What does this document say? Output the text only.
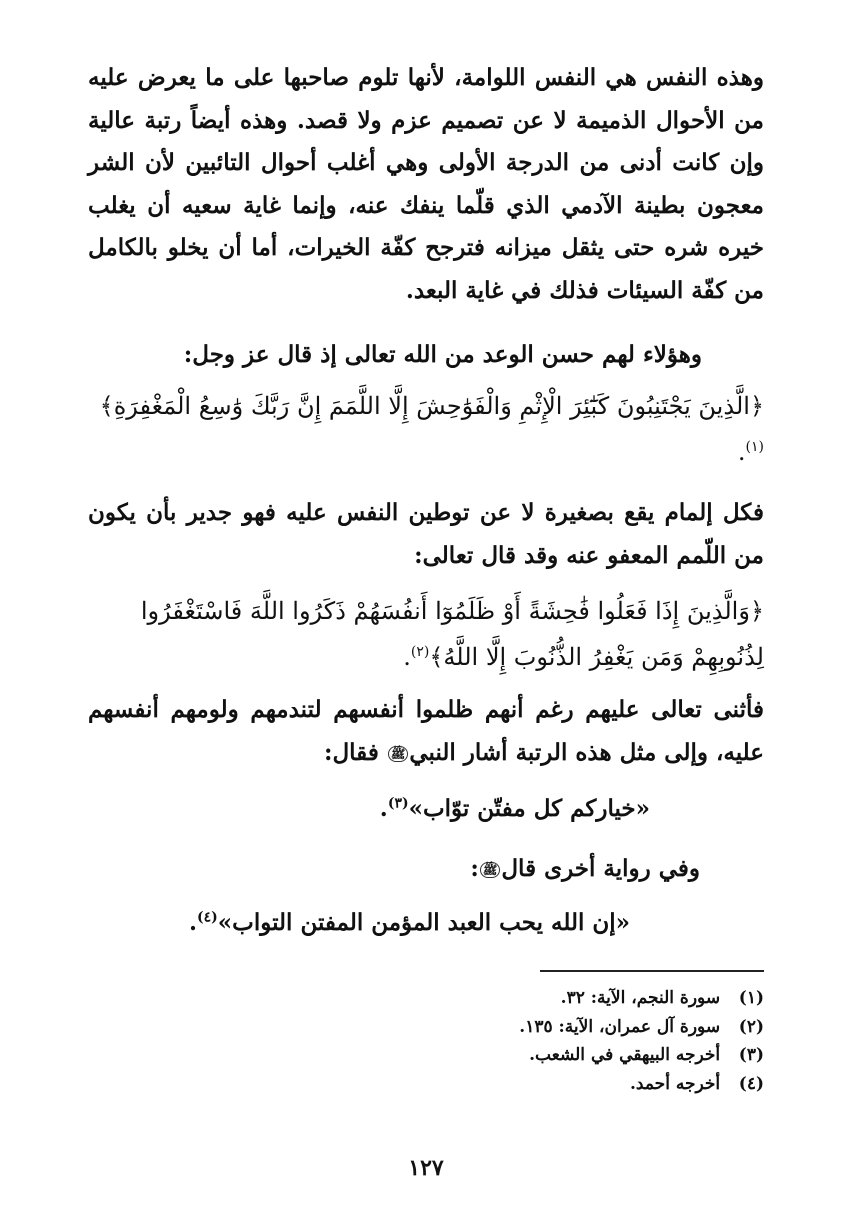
وهذه النفس هي النفس اللوامة، لأنها تلوم صاحبها على ما يعرض عليه من الأحوال الذميمة لا عن تصميم عزم ولا قصد. وهذه أيضاً رتبة عالية وإن كانت أدنى من الدرجة الأولى وهي أغلب أحوال التائبين لأن الشر معجون بطينة الآدمي الذي قلّما ينفك عنه، وإنما غاية سعيه أن يغلب خيره شره حتى يثقل ميزانه فترجح كفّة الخيرات، أما أن يخلو بالكامل من كفّة السيئات فذلك في غاية البعد.

وهؤلاء لهم حسن الوعد من الله تعالى إذ قال عز وجل:

﴿الَّذِينَ يَجْتَنِبُونَ كَبَٰٓئِرَ الْإِثْمِ وَالْفَوَٰحِشَ إِلَّا اللَّمَمَ إِنَّ رَبَّكَ وَٰسِعُ الْمَغْفِرَةِ﴾$^{(١)}$.

فكل إلمام يقع بصغيرة لا عن توطين النفس عليه فهو جدير بأن يكون من اللّمم المعفو عنه وقد قال تعالى:

﴿وَالَّذِينَ إِذَا فَعَلُوا فَٰحِشَةً أَوْ ظَلَمُوٓا أَنفُسَهُمْ ذَكَرُوا اللَّهَ فَاسْتَغْفَرُوا لِذُنُوبِهِمْ وَمَن يَغْفِرُ الذُّنُوبَ إِلَّا اللَّهُ﴾$^{(٢)}$.

فأثنى تعالى عليهم رغم أنهم ظلموا أنفسهم لتندمهم ولومهم أنفسهم عليه، وإلى مثل هذه الرتبة أشار النبيﷺ فقال:

«خياركم كل مفتّن توّاب»$^{(٣)}$.

وفي رواية أخرى قالﷺ:

«إن الله يحب العبد المؤمن المفتن التواب»$^{(٤)}$.

(١) سورة النجم، الآية: ٣٢.
(٢) سورة آل عمران، الآية: ١٣٥.
(٣) أخرجه البيهقي في الشعب.
(٤) أخرجه أحمد.
١٢٧
